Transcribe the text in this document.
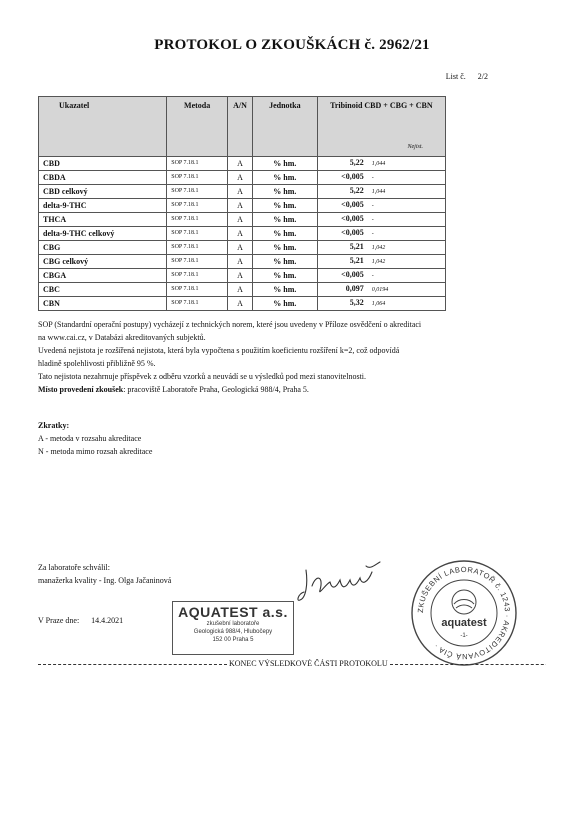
PROTOKOL O ZKOUŠKÁCH č. 2962/21
List č. 2/2
Ukazatel	Metoda	A/N	Jednotka	Tribinoid CBD + CBG + CBN
Nejist.

CBD	SOP 7.18.1	A	% hm.	5,22 1,044
CBDA	SOP 7.18.1	A	% hm.	<0,005 -
CBD celkový	SOP 7.18.1	A	% hm.	5,22 1,044
delta-9-THC	SOP 7.18.1	A	% hm.	<0,005 -
THCA	SOP 7.18.1	A	% hm.	<0,005 -
delta-9-THC celkový	SOP 7.18.1	A	% hm.	<0,005 -
CBG	SOP 7.18.1	A	% hm.	5,21 1,042
CBG celkový	SOP 7.18.1	A	% hm.	5,21 1,042
CBGA	SOP 7.18.1	A	% hm.	<0,005 -
CBC	SOP 7.18.1	A	% hm.	0,097 0,0194
CBN	SOP 7.18.1	A	% hm.	5,32 1,064

SOP (Standardní operační postupy) vycházejí z technických norem, které jsou uvedeny v Příloze osvědčení o akreditaci

na www.cai.cz, v Databázi akreditovaných subjektů.

Uvedená nejistota je rozšířená nejistota, která byla vypočtena s použitím koeficientu rozšíření k=2, což odpovídá

hladině spolehlivosti přibližně 95 %.

Tato nejistota nezahrnuje příspěvek z odběru vzorků a neuvádí se u výsledků pod mezi stanovitelnosti.

Místo provedení zkoušek: pracoviště Laboratoře Praha, Geologická 988/4, Praha 5.

Zkratky:
A - metoda v rozsahu akreditace
N - metoda mimo rozsah akreditace
Za laboratoře schválil:
manažerka kvality - Ing. Olga Jačaninová
V Praze dne: 14.4.2021
AQUATEST a.s.
zkušební laboratoře
Geologická 988/4, Hlubočepy
152 00 Praha 5
ZKUŠEBNÍ LABORATOŘ č. 1243 · AKREDITOVANÁ ČIA ·
aquatest
-1-
KONEC VÝSLEDKOVÉ ČÁSTI PROTOKOLU
